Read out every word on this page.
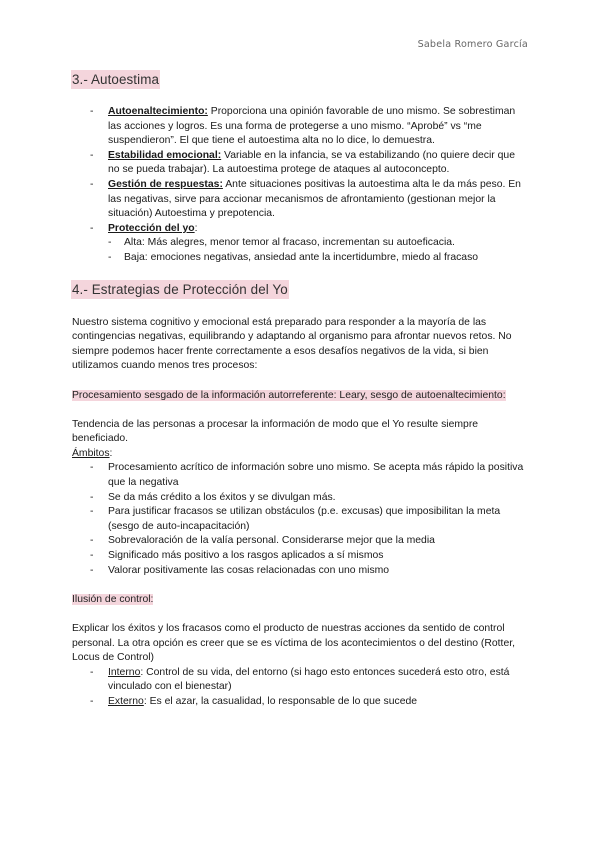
Sabela Romero García
3.- Autoestima
- Autoenaltecimiento: Proporciona una opinión favorable de uno mismo. Se sobrestiman las acciones y logros. Es una forma de protegerse a uno mismo. “Aprobé” vs “me suspendieron”. El que tiene el autoestima alta no lo dice, lo demuestra.
- Estabilidad emocional: Variable en la infancia, se va estabilizando (no quiere decir que no se pueda trabajar). La autoestima protege de ataques al autoconcepto.
- Gestión de respuestas: Ante situaciones positivas la autoestima alta le da más peso. En las negativas, sirve para accionar mecanismos de afrontamiento (gestionan mejor la situación) Autoestima y prepotencia.
- Protección del yo:
- Alta: Más alegres, menor temor al fracaso, incrementan su autoeficacia.
- Baja: emociones negativas, ansiedad ante la incertidumbre, miedo al fracaso
4.- Estrategias de Protección del Yo

Nuestro sistema cognitivo y emocional está preparado para responder a la mayoría de las contingencias negativas, equilibrando y adaptando al organismo para afrontar nuevos retos. No siempre podemos hacer frente correctamente a esos desafíos negativos de la vida, si bien utilizamos cuando menos tres procesos:

Procesamiento sesgado de la información autorreferente: Leary, sesgo de autoenaltecimiento:

Tendencia de las personas a procesar la información de modo que el Yo resulte siempre beneficiado.

Ámbitos:

- Procesamiento acrítico de información sobre uno mismo. Se acepta más rápido la positiva que la negativa
- Se da más crédito a los éxitos y se divulgan más.
- Para justificar fracasos se utilizan obstáculos (p.e. excusas) que imposibilitan la meta (sesgo de auto-incapacitación)
- Sobrevaloración de la valía personal. Considerarse mejor que la media
- Significado más positivo a los rasgos aplicados a sí mismos
- Valorar positivamente las cosas relacionadas con uno mismo

Ilusión de control:

Explicar los éxitos y los fracasos como el producto de nuestras acciones da sentido de control personal. La otra opción es creer que se es víctima de los acontecimientos o del destino (Rotter, Locus de Control)

- Interno: Control de su vida, del entorno (si hago esto entonces sucederá esto otro, está vinculado con el bienestar)
- Externo: Es el azar, la casualidad, lo responsable de lo que sucede
